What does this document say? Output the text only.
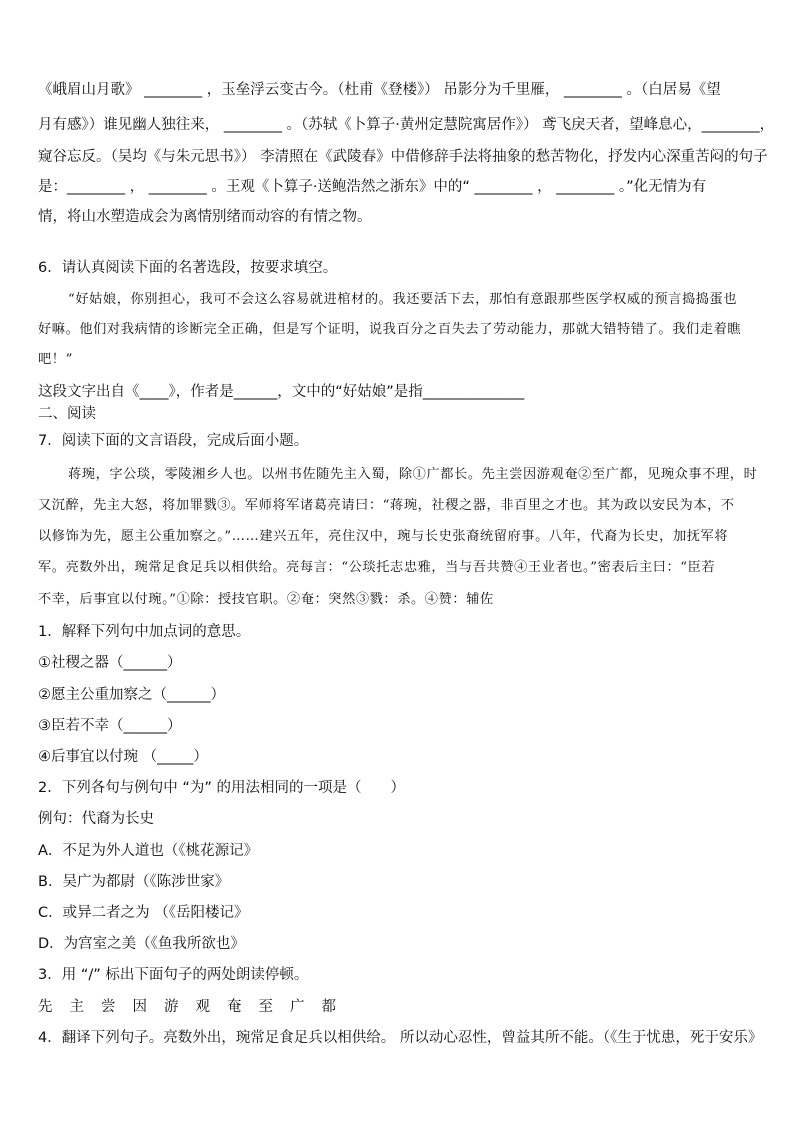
《峨眉山月歌》 ________ ，玉垒浮云变古今。（杜甫《登楼》） 吊影分为千里雁， ________ 。（白居易《望
月有感》）谁见幽人独往来， ________ 。（苏轼《卜算子·黄州定慧院寓居作》） 鸢飞戾天者，望峰息心，________，
窥谷忘反。（吴均《与朱元思书》） 李清照在《武陵春》中借修辞手法将抽象的愁苦物化，抒发内心深重苦闷的句子
是：________ ， ________ 。王观《卜算子·送鲍浩然之浙东》中的“ ________ ， ________ 。”化无情为有
情，将山水塑造成会为离情别绪而动容的有情之物。
6．请认真阅读下面的名著选段，按要求填空。
“好姑娘，你别担心，我可不会这么容易就进棺材的。我还要活下去，那怕有意跟那些医学权威的预言捣捣蛋也
好嘛。他们对我病情的诊断完全正确，但是写个证明，说我百分之百失去了劳动能力，那就大错特错了。我们走着瞧
吧！”
这段文字出自《____》，作者是______，文中的“好姑娘”是指______________
二、阅读
7．阅读下面的文言语段，完成后面小题。
蒋琬，字公琰，零陵湘乡人也。以州书佐随先主入蜀，除①广都长。先主尝因游观奄②至广都，见琬众事不理，时
又沉醉，先主大怒，将加罪戮③。军师将军诸葛亮请曰：“蒋琬，社稷之器，非百里之才也。其为政以安民为本，不
以修饰为先，愿主公重加察之。”……建兴五年，亮住汉中，琬与长史张裔统留府事。八年，代裔为长史，加抚军将
军。亮数外出，琬常足食足兵以相供给。亮每言：“公琰托志忠雅，当与吾共赞④王业者也。”密表后主曰：“臣若
不幸，后事宜以付琬。”①除：授技官职。②奄：突然③戮：杀。④赞：辅佐
1．解释下列句中加点词的意思。
①社稷之器（______）
②愿主公重加察之（______）
③臣若不幸（______）
④后事宜以付琬 （_____）
2．下列各句与例句中 “为” 的用法相同的一项是（　　）
例句：代裔为长史
A．不足为外人道也（《桃花源记》
B．吴广为都尉（《陈涉世家》
C．或异二者之为 （《岳阳楼记》
D．为宫室之美（《鱼我所欲也》
3．用 “/” 标出下面句子的两处朗读停顿。
先主尝因游观奄至广都
4．翻译下列句子。亮数外出，琬常足食足兵以相供给。 所以动心忍性，曾益其所不能。（《生于忧患，死于安乐》
